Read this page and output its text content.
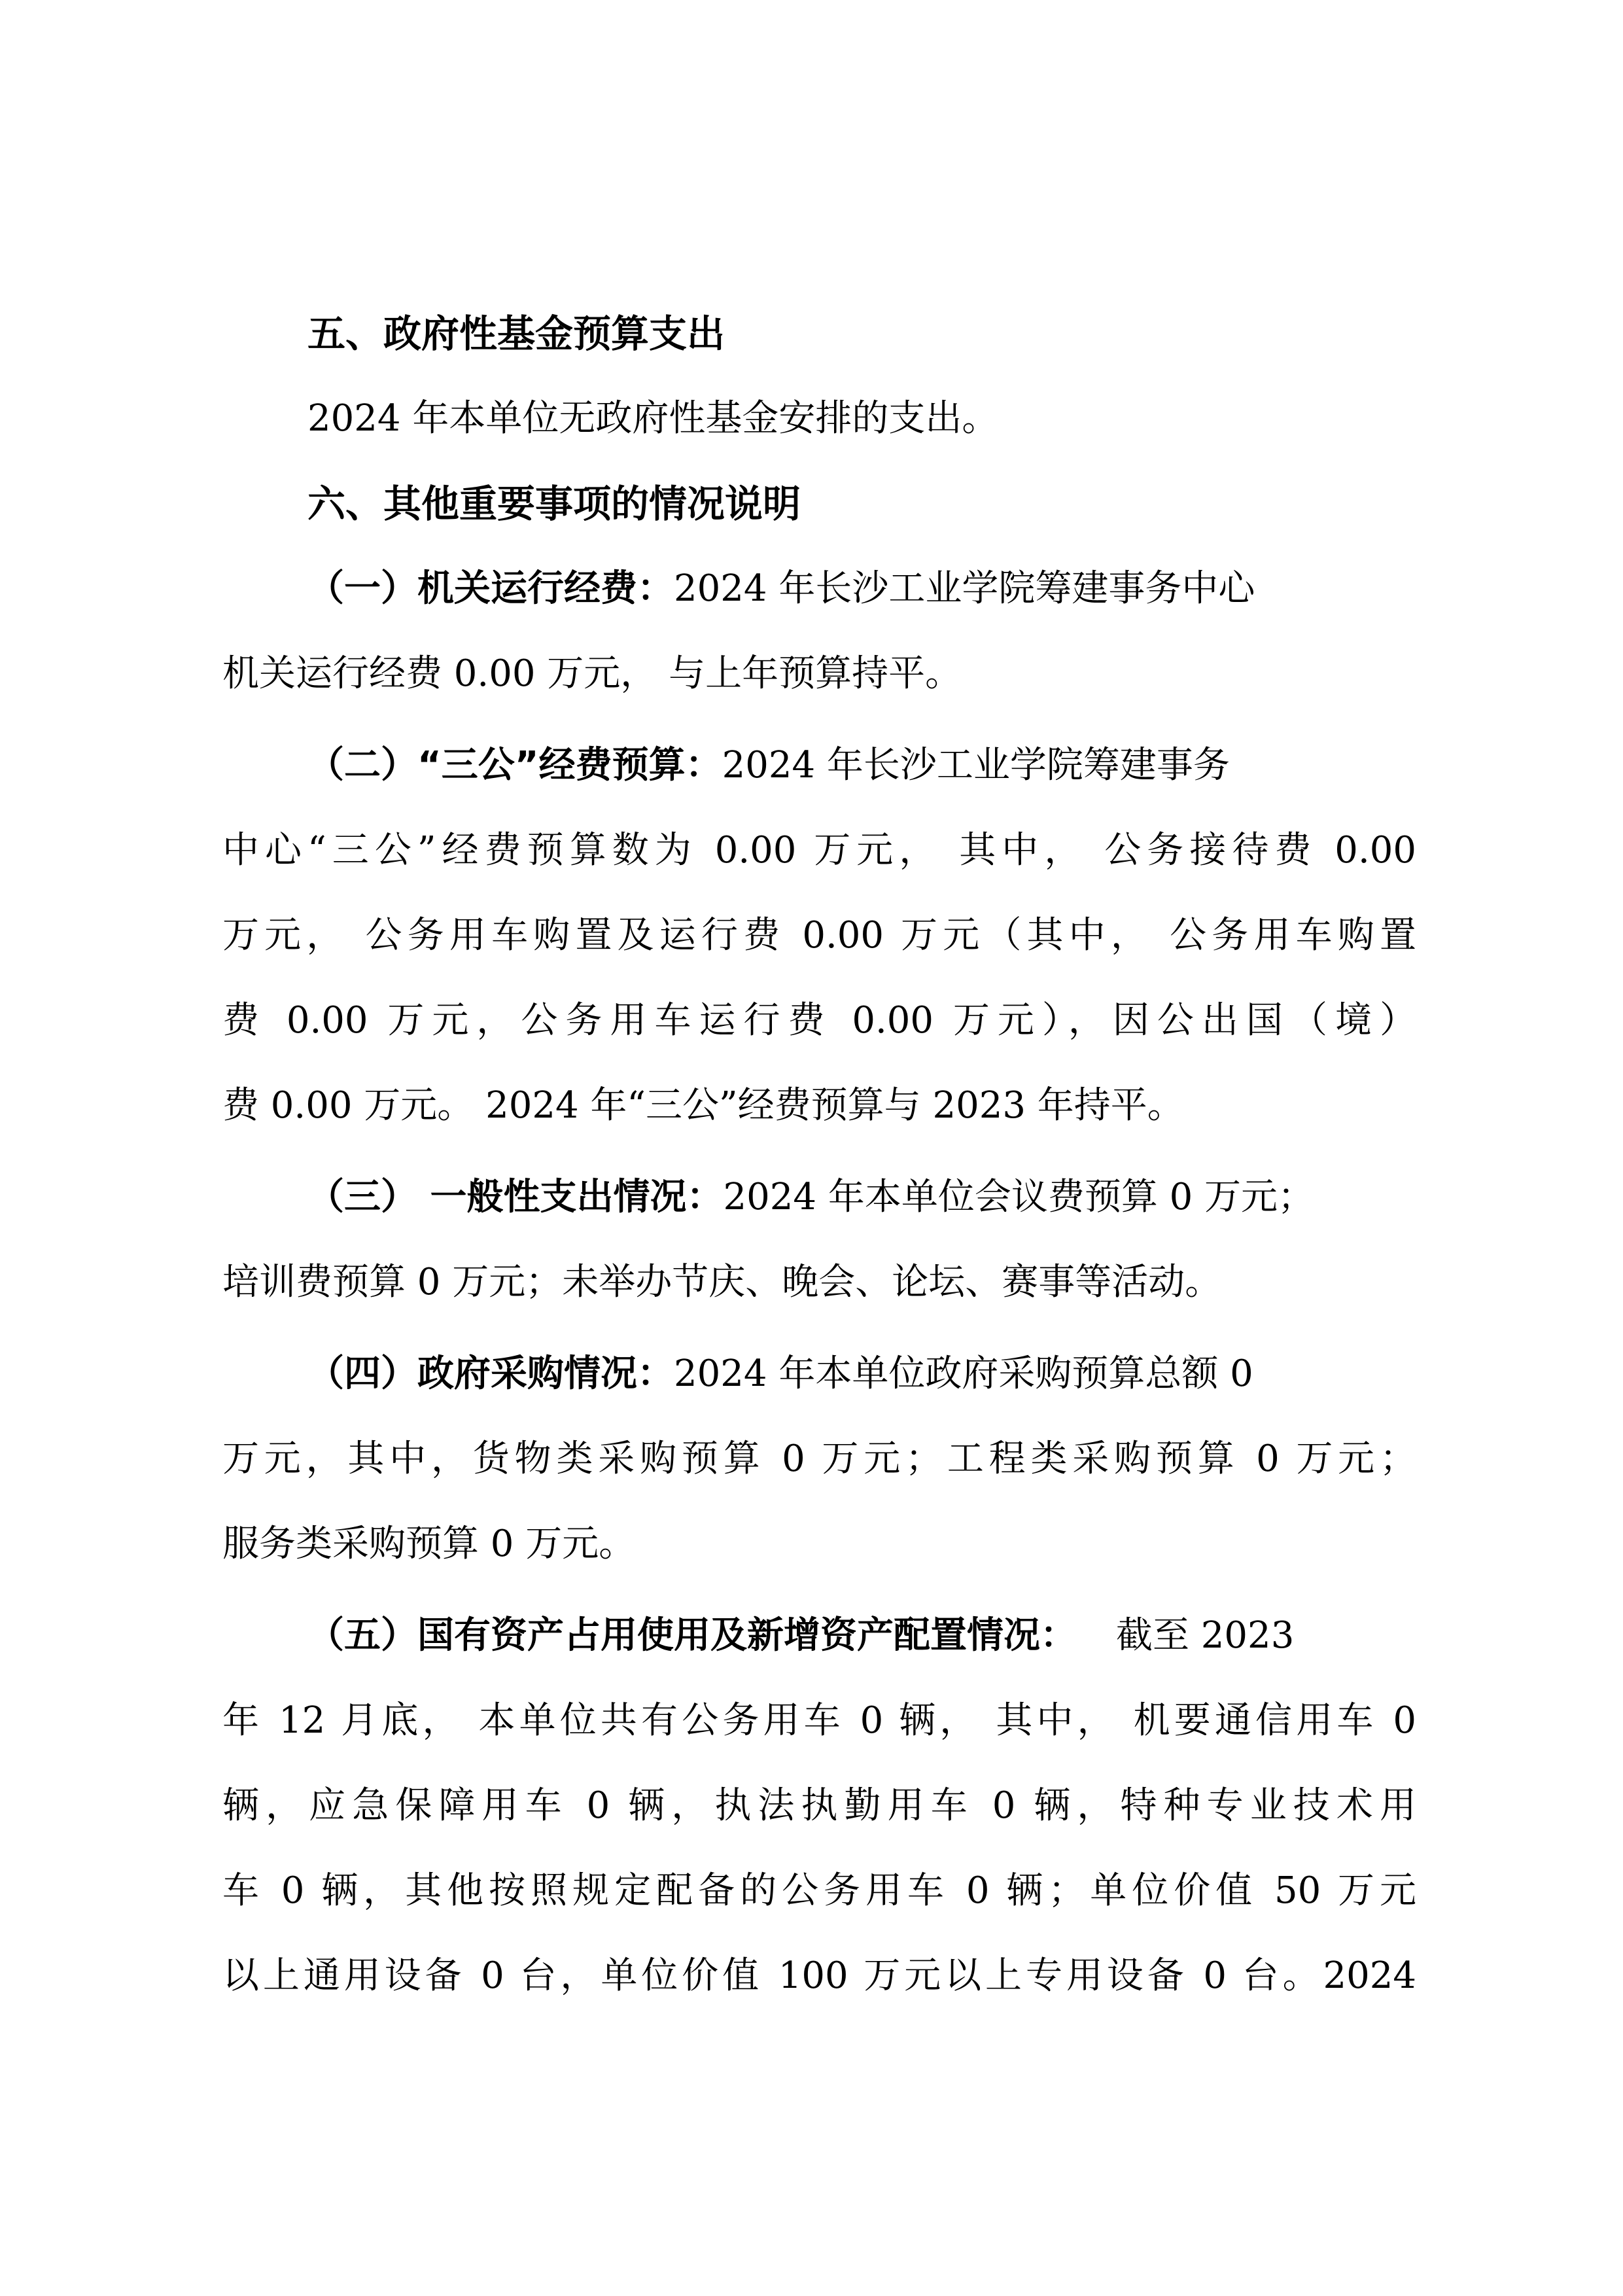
五、政府性基金预算支出
2024 年本单位无政府性基金安排的支出。
六、其他重要事项的情况说明
（一）机关运行经费：2024 年长沙工业学院筹建事务中心
机关运行经费 0.00 万元， 与上年预算持平。
（二）“三公”经费预算：2024 年长沙工业学院筹建事务
中心“三公”经费预算数为 0.00 万元， 其中， 公务接待费 0.00
万元， 公务用车购置及运行费 0.00 万元（其中， 公务用车购置
费 0.00 万元，公务用车运行费 0.00 万元），因公出国（境）
费 0.00 万元。 2024 年“三公”经费预算与 2023 年持平。
（三） 一般性支出情况：2024 年本单位会议费预算 0 万元；
培训费预算 0 万元；未举办节庆、晚会、论坛、赛事等活动。
（四）政府采购情况：2024 年本单位政府采购预算总额 0
万元，其中，货物类采购预算 0 万元；工程类采购预算 0 万元；
服务类采购预算 0 万元。
（五）国有资产占用使用及新增资产配置情况： 截至 2023
年 12 月底， 本单位共有公务用车 0 辆， 其中， 机要通信用车 0
辆，应急保障用车 0 辆，执法执勤用车 0 辆，特种专业技术用
车 0 辆，其他按照规定配备的公务用车 0 辆；单位价值 50 万元
以上通用设备 0 台，单位价值 100 万元以上专用设备 0 台。2024
